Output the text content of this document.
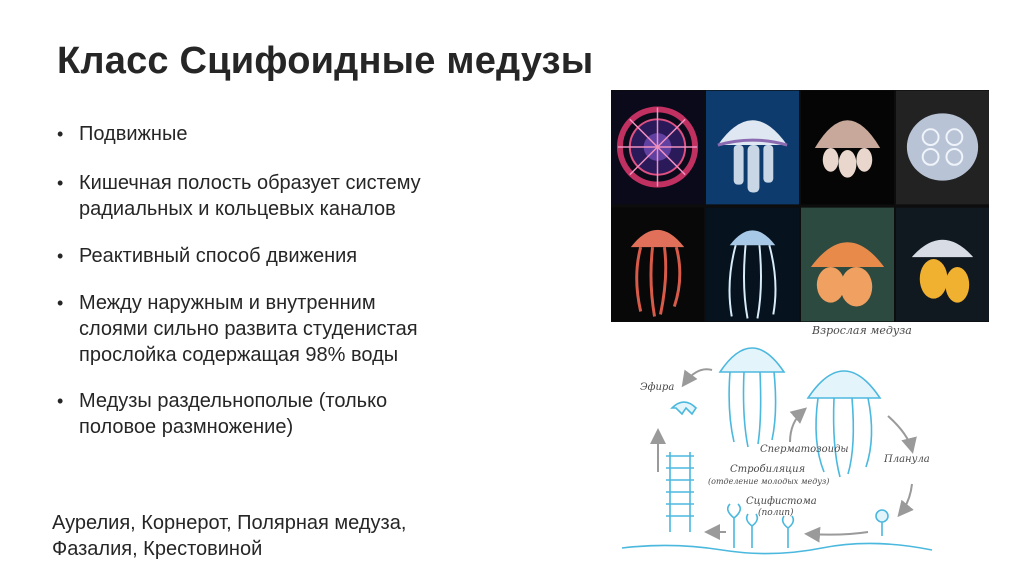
Класс Сцифоидные медузы
• Подвижные
• Кишечная полость образует систему
радиальных и кольцевых каналов
• Реактивный способ движения
• Между наружным и внутренним
слоями сильно развита студенистая
прослойка содержащая 98% воды
• Медузы раздельнополые (только
половое размножение)
Аурелия, Корнерот, Полярная медуза,
Фазалия, Крестовиной
Взрослая медуза
Эфира
Сперматозоиды
Стробиляция
(отделение молодых медуз)
Планула
Сцифистома
(полип)
